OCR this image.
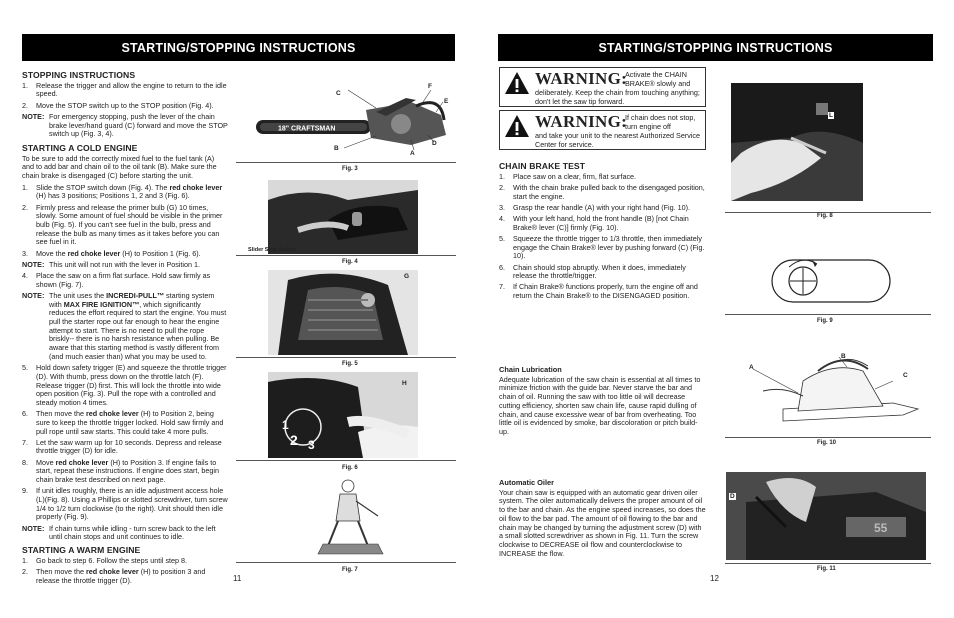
STARTING/STOPPING INSTRUCTIONS
STOPPING INSTRUCTIONS
1. Release the trigger and allow the engine to return to the idle speed.
2. Move the STOP switch up to the STOP position (Fig. 4).
NOTE: For emergency stopping, push the lever of the chain brake lever/hand guard (C) forward and move the STOP switch up (Fig. 3, 4).
STARTING A COLD ENGINE

To be sure to add the correctly mixed fuel to the fuel tank (A) and to add bar and chain oil to the oil tank (B). Make sure the chain brake is disengaged (C) before starting the unit.

1. Slide the STOP switch down (Fig. 4). The red choke lever (H) has 3 positions; Positions 1, 2 and 3 (Fig. 6).
2. Firmly press and release the primer bulb (G) 10 times, slowly. Some amount of fuel should be visible in the primer bulb (Fig. 5). If you can't see fuel in the bulb, press and release the bulb as many times as it takes before you can see fuel in it.
3. Move the red choke lever (H) to Position 1 (Fig. 6).
NOTE: This unit will not run with the lever in Position 1.
4. Place the saw on a firm flat surface. Hold saw firmly as shown (Fig. 7).
NOTE: The unit uses the INCREDI-PULL™ starting system with MAX FIRE IGNITION™, which significantly reduces the effort required to start the engine. You must pull the starter rope out far enough to hear the engine attempt to start. There is no need to pull the rope briskly-- there is no harsh resistance when pulling. Be aware that this starting method is vastly different from (and much easier than) what you may be used to.
5. Hold down safety trigger (E) and squeeze the throttle trigger (D). With thumb, press down on the throttle latch (F). Release trigger (D) first. This will lock the throttle into wide open position (Fig. 3). Pull the rope with a controlled and steady motion 4 times.
6. Then move the red choke lever (H) to Position 2, being sure to keep the throttle trigger locked. Hold saw firmly and pull rope until saw starts. This could take 4 more pulls.
7. Let the saw warm up for 10 seconds. Depress and release throttle trigger (D) for idle.
8. Move red choke lever (H) to Position 3. If engine fails to start, repeat these instructions. If engine does start, begin chain brake test described on next page.
9. If unit idles roughly, there is an idle adjustment access hole (L)(Fig. 8). Using a Phillips or slotted screwdriver, turn screw 1/4 to 1/2 turn clockwise (to the right). Unit should then idle properly (Fig. 9).
NOTE: If chain turns while idling - turn screw back to the left until chain stops and unit continues to idle.
STARTING A WARM ENGINE
1. Go back to step 6. Follow the steps until step 8.
2. Then move the red choke lever (H) to position 3 and release the throttle trigger (D).
18" CRAFTSMAN
C
F
E
B
A
D
Fig. 3
Slider Stop Switch
Fig. 4
G
Fig. 5
1
2 3
H
Fig. 6
Fig. 7
11
STARTING/STOPPING INSTRUCTIONS
WARNING:
Activate the CHAIN BRAKE® slowly and
deliberately. Keep the chain from touching anything; don't let the saw tip forward.
WARNING:
If chain does not stop, turn engine off
and take your unit to the nearest Authorized Service Center for service.
CHAIN BRAKE TEST
1. Place saw on a clear, firm, flat surface.
2. With the chain brake pulled back to the disengaged position, start the engine.
3. Grasp the rear handle (A) with your right hand (Fig. 10).
4. With your left hand, hold the front handle (B) [not Chain Brake® lever (C)] firmly (Fig. 10).
5. Squeeze the throttle trigger to 1/3 throttle, then immediately engage the Chain Brake® lever by pushing forward (C) (Fig. 10).
6. Chain should stop abruptly. When it does, immediately release the throttle/trigger.
7. If Chain Brake® functions properly, turn the engine off and return the Chain Brake® to the DISENGAGED position.
Chain Lubrication

Adequate lubrication of the saw chain is essential at all times to minimize friction with the guide bar. Never starve the bar and chain of oil. Running the saw with too little oil will decrease cutting efficiency, shorten saw chain life, cause rapid dulling of chain, and cause excessive wear of bar from overheating. Too little oil is evidenced by smoke, bar discoloration or pitch build-up.

Automatic Oiler

Your chain saw is equipped with an automatic gear driven oiler system. The oiler automatically delivers the proper amount of oil to the bar and chain. As the engine speed increases, so does the oil flow to the bar pad. The amount of oil flowing to the bar and chain may be changed by turning the adjustment screw (D) with a small slotted screwdriver as shown in Fig. 11. Turn the screw clockwise to DECREASE oil flow and counterclockwise to INCREASE the flow.

L
Fig. 8
Fig. 9
A
B
C
Fig. 10
55
D
Fig. 11
12
